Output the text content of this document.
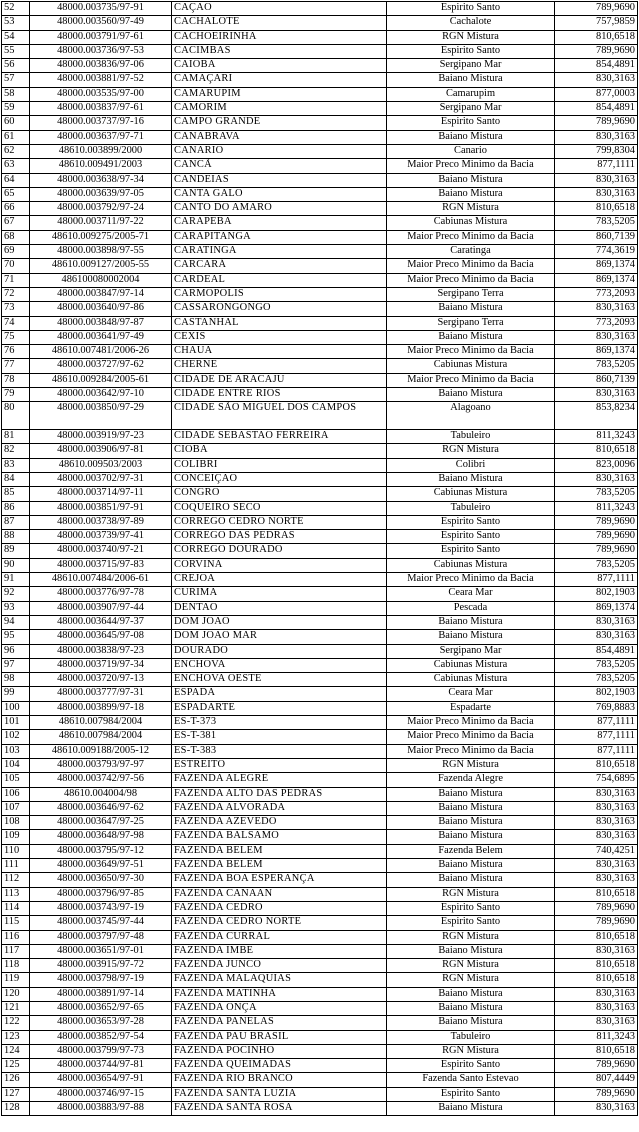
52	48000.003735/97-91	CAÇAO	Espirito Santo	789,9690
53	48000.003560/97-49	CACHALOTE	Cachalote	757,9859
54	48000.003791/97-61	CACHOEIRINHA	RGN Mistura	810,6518
55	48000.003736/97-53	CACIMBAS	Espirito Santo	789,9690
56	48000.003836/97-06	CAIOBA	Sergipano Mar	854,4891
57	48000.003881/97-52	CAMAÇARI	Baiano Mistura	830,3163
58	48000.003535/97-00	CAMARUPIM	Camarupim	877,0003
59	48000.003837/97-61	CAMORIM	Sergipano Mar	854,4891
60	48000.003737/97-16	CAMPO GRANDE	Espirito Santo	789,9690
61	48000.003637/97-71	CANABRAVA	Baiano Mistura	830,3163
62	48610.003899/2000	CANARIO	Canario	799,8304
63	48610.009491/2003	CANCÃ	Maior Preco Minimo da Bacia	877,1111
64	48000.003638/97-34	CANDEIAS	Baiano Mistura	830,3163
65	48000.003639/97-05	CANTA GALO	Baiano Mistura	830,3163
66	48000.003792/97-24	CANTO DO AMARO	RGN Mistura	810,6518
67	48000.003711/97-22	CARAPEBA	Cabiunas Mistura	783,5205
68	48610.009275/2005-71	CARAPITANGA	Maior Preco Minimo da Bacia	860,7139
69	48000.003898/97-55	CARATINGA	Caratinga	774,3619
70	48610.009127/2005-55	CARCARÁ	Maior Preco Minimo da Bacia	869,1374
71	486100080002004	CARDEAL	Maior Preco Minimo da Bacia	869,1374
72	48000.003847/97-14	CARMOPOLIS	Sergipano Terra	773,2093
73	48000.003640/97-86	CASSARONGONGO	Baiano Mistura	830,3163
74	48000.003848/97-87	CASTANHAL	Sergipano Terra	773,2093
75	48000.003641/97-49	CEXIS	Baiano Mistura	830,3163
76	48610.007481/2006-26	CHAUA	Maior Preco Minimo da Bacia	869,1374
77	48000.003727/97-62	CHERNE	Cabiunas Mistura	783,5205
78	48610.009284/2005-61	CIDADE DE ARACAJU	Maior Preco Minimo da Bacia	860,7139
79	48000.003642/97-10	CIDADE ENTRE RIOS	Baiano Mistura	830,3163
80	48000.003850/97-29	CIDADE SÃO MIGUEL DOS CAMPOS	Alagoano	853,8234
81	48000.003919/97-23	CIDADE SEBASTAO FERREIRA	Tabuleiro	811,3243
82	48000.003906/97-81	CIOBA	RGN Mistura	810,6518
83	48610.009503/2003	COLIBRI	Colibri	823,0096
84	48000.003702/97-31	CONCEIÇAO	Baiano Mistura	830,3163
85	48000.003714/97-11	CONGRO	Cabiunas Mistura	783,5205
86	48000.003851/97-91	COQUEIRO SECO	Tabuleiro	811,3243
87	48000.003738/97-89	CORREGO CEDRO NORTE	Espirito Santo	789,9690
88	48000.003739/97-41	CORREGO DAS PEDRAS	Espirito Santo	789,9690
89	48000.003740/97-21	CORREGO DOURADO	Espirito Santo	789,9690
90	48000.003715/97-83	CORVINA	Cabiunas Mistura	783,5205
91	48610.007484/2006-61	CREJOA	Maior Preco Minimo da Bacia	877,1111
92	48000.003776/97-78	CURIMA	Ceara Mar	802,1903
93	48000.003907/97-44	DENTAO	Pescada	869,1374
94	48000.003644/97-37	DOM JOAO	Baiano Mistura	830,3163
95	48000.003645/97-08	DOM JOAO MAR	Baiano Mistura	830,3163
96	48000.003838/97-23	DOURADO	Sergipano Mar	854,4891
97	48000.003719/97-34	ENCHOVA	Cabiunas Mistura	783,5205
98	48000.003720/97-13	ENCHOVA OESTE	Cabiunas Mistura	783,5205
99	48000.003777/97-31	ESPADA	Ceara Mar	802,1903
100	48000.003899/97-18	ESPADARTE	Espadarte	769,8883
101	48610.007984/2004	ES-T-373	Maior Preco Minimo da Bacia	877,1111
102	48610.007984/2004	ES-T-381	Maior Preco Minimo da Bacia	877,1111
103	48610.009188/2005-12	ES-T-383	Maior Preco Minimo da Bacia	877,1111
104	48000.003793/97-97	ESTREITO	RGN Mistura	810,6518
105	48000.003742/97-56	FAZENDA ALEGRE	Fazenda Alegre	754,6895
106	48610.004004/98	FAZENDA ALTO DAS PEDRAS	Baiano Mistura	830,3163
107	48000.003646/97-62	FAZENDA ALVORADA	Baiano Mistura	830,3163
108	48000.003647/97-25	FAZENDA AZEVEDO	Baiano Mistura	830,3163
109	48000.003648/97-98	FAZENDA BALSAMO	Baiano Mistura	830,3163
110	48000.003795/97-12	FAZENDA BELEM	Fazenda Belem	740,4251
111	48000.003649/97-51	FAZENDA BELEM	Baiano Mistura	830,3163
112	48000.003650/97-30	FAZENDA BOA ESPERANÇA	Baiano Mistura	830,3163
113	48000.003796/97-85	FAZENDA CANAAN	RGN Mistura	810,6518
114	48000.003743/97-19	FAZENDA CEDRO	Espirito Santo	789,9690
115	48000.003745/97-44	FAZENDA CEDRO NORTE	Espirito Santo	789,9690
116	48000.003797/97-48	FAZENDA CURRAL	RGN Mistura	810,6518
117	48000.003651/97-01	FAZENDA IMBE	Baiano Mistura	830,3163
118	48000.003915/97-72	FAZENDA JUNCO	RGN Mistura	810,6518
119	48000.003798/97-19	FAZENDA MALAQUIAS	RGN Mistura	810,6518
120	48000.003891/97-14	FAZENDA MATINHA	Baiano Mistura	830,3163
121	48000.003652/97-65	FAZENDA ONÇA	Baiano Mistura	830,3163
122	48000.003653/97-28	FAZENDA PANELAS	Baiano Mistura	830,3163
123	48000.003852/97-54	FAZENDA PAU BRASIL	Tabuleiro	811,3243
124	48000.003799/97-73	FAZENDA POCINHO	RGN Mistura	810,6518
125	48000.003744/97-81	FAZENDA QUEIMADAS	Espirito Santo	789,9690
126	48000.003654/97-91	FAZENDA RIO BRANCO	Fazenda Santo Estevao	807,4449
127	48000.003746/97-15	FAZENDA SANTA LUZIA	Espirito Santo	789,9690
128	48000.003883/97-88	FAZENDA SANTA ROSA	Baiano Mistura	830,3163
